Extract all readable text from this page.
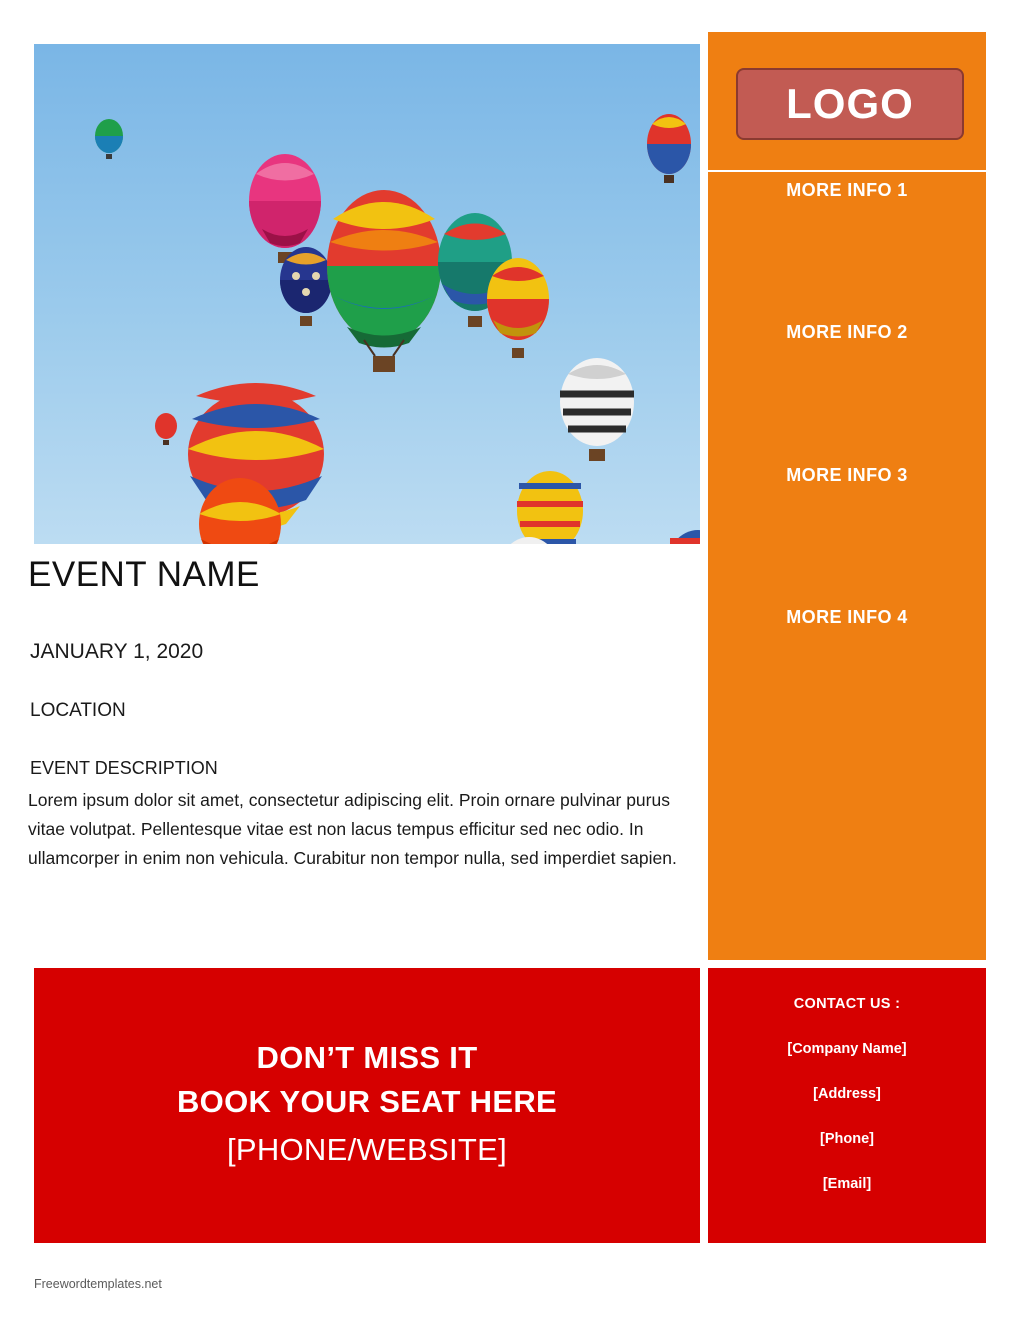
EVENT NAME
JANUARY 1, 2020
LOCATION
EVENT DESCRIPTION
Lorem ipsum dolor sit amet, consectetur adipiscing elit. Proin ornare pulvinar purus vitae volutpat. Pellentesque vitae est non lacus tempus efficitur sed nec odio. In ullamcorper in enim non vehicula. Curabitur non tempor nulla, sed imperdiet sapien.
DON’T MISS IT
BOOK YOUR SEAT HERE
[PHONE/WEBSITE]
LOGO
MORE INFO 1
MORE INFO 2
MORE INFO 3
MORE INFO 4
CONTACT US :
[Company Name]
[Address]
[Phone]
[Email]
Freewordtemplates.net
